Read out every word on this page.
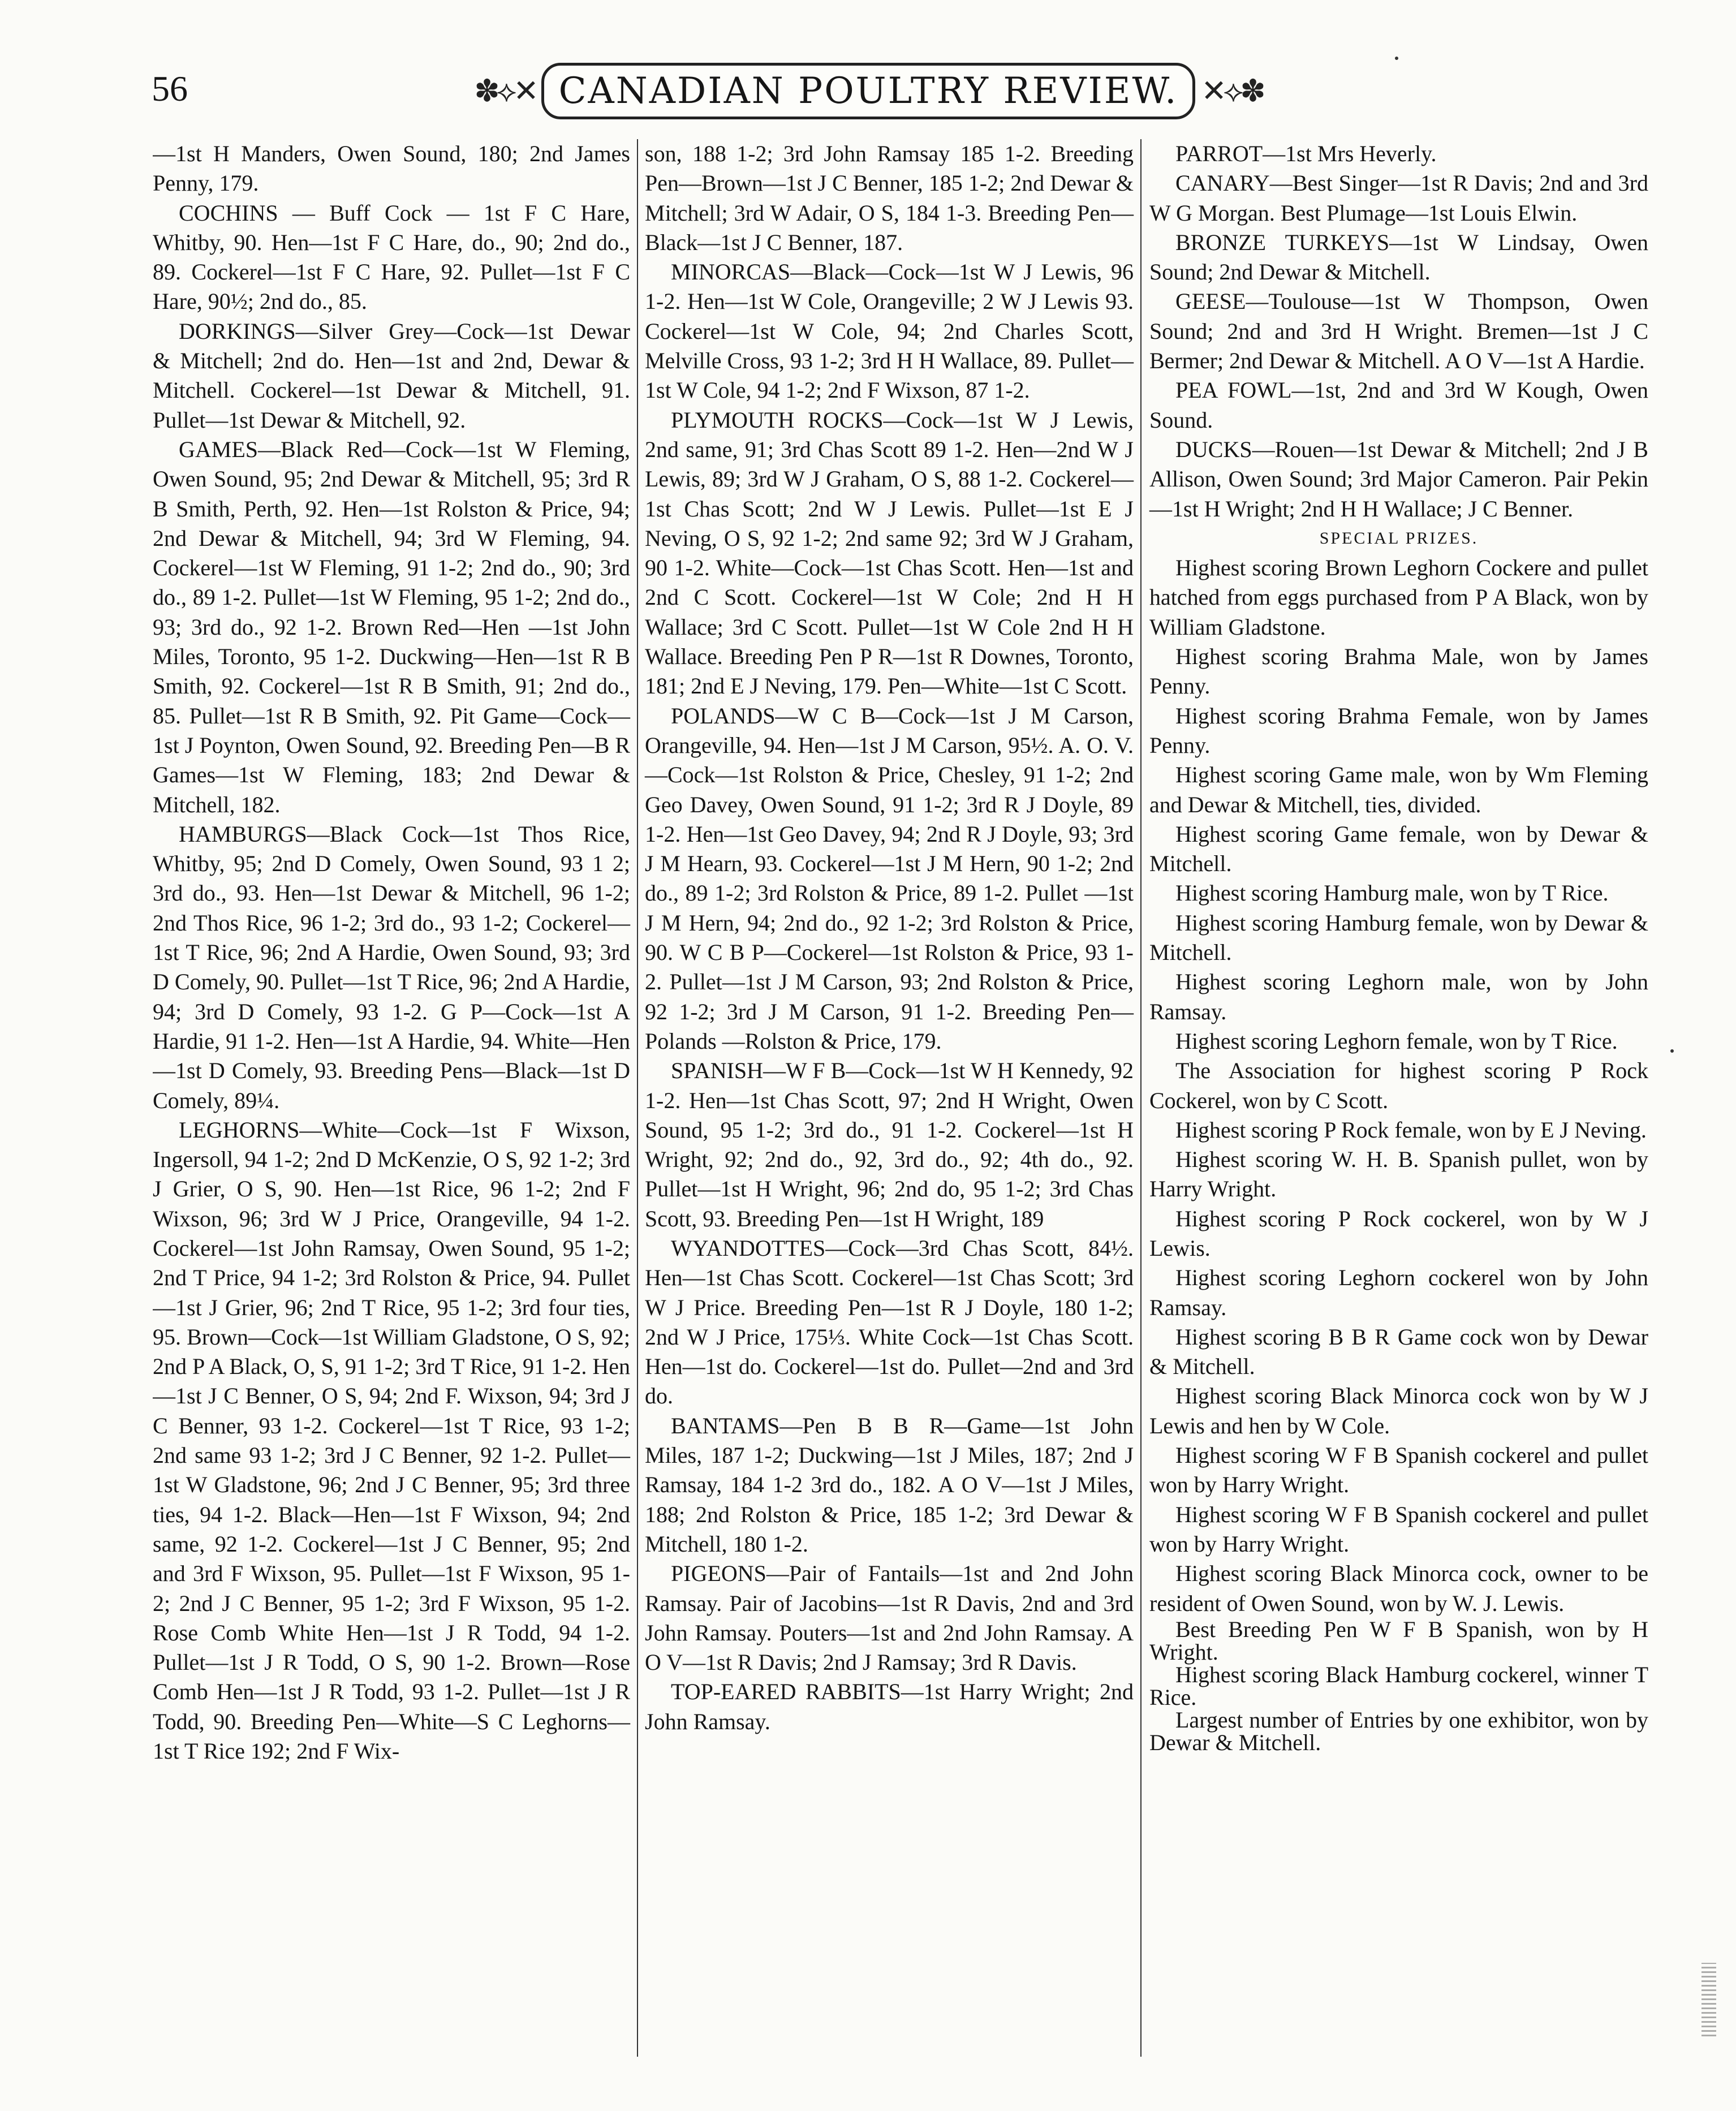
56	✽⟡✕ CANADIAN POULTRY REVIEW. ✕⟡✽

—1st H Manders, Owen Sound, 180; 2nd James Penny, 179.

COCHINS — Buff Cock — 1st F C Hare, Whitby, 90. Hen—1st F C Hare, do., 90; 2nd do., 89. Cockerel—1st F C Hare, 92. Pullet—1st F C Hare, 90½; 2nd do., 85.

DORKINGS—Silver Grey—Cock—1st Dewar & Mitchell; 2nd do. Hen—1st and 2nd, Dewar & Mitchell. Cockerel—1st Dewar & Mitchell, 91. Pullet—1st Dewar & Mitchell, 92.

GAMES—Black Red—Cock—1st W Fleming, Owen Sound, 95; 2nd Dewar & Mitchell, 95; 3rd R B Smith, Perth, 92. Hen—1st Rolston & Price, 94; 2nd Dewar & Mitchell, 94; 3rd W Fleming, 94. Cockerel—1st W Fleming, 91 1-2; 2nd do., 90; 3rd do., 89 1-2. Pullet—1st W Fleming, 95 1-2; 2nd do., 93; 3rd do., 92 1-2. Brown Red—Hen —1st John Miles, Toronto, 95 1-2. Duckwing—Hen—1st R B Smith, 92. Cockerel—1st R B Smith, 91; 2nd do., 85. Pullet—1st R B Smith, 92. Pit Game—Cock—1st J Poynton, Owen Sound, 92. Breeding Pen—B R Games—1st W Fleming, 183; 2nd Dewar & Mitchell, 182.

HAMBURGS—Black Cock—1st Thos Rice, Whitby, 95; 2nd D Comely, Owen Sound, 93 1 2; 3rd do., 93. Hen—1st Dewar & Mitchell, 96 1-2; 2nd Thos Rice, 96 1-2; 3rd do., 93 1-2; Cockerel—1st T Rice, 96; 2nd A Hardie, Owen Sound, 93; 3rd D Comely, 90. Pullet—1st T Rice, 96; 2nd A Hardie, 94; 3rd D Comely, 93 1-2. G P—Cock—1st A Hardie, 91 1-2. Hen—1st A Hardie, 94. White—Hen—1st D Comely, 93. Breeding Pens—Black—1st D Comely, 89¼.

LEGHORNS—White—Cock—1st F Wixson, Ingersoll, 94 1-2; 2nd D McKenzie, O S, 92 1-2; 3rd J Grier, O S, 90. Hen—1st Rice, 96 1-2; 2nd F Wixson, 96; 3rd W J Price, Orangeville, 94 1-2. Cockerel—1st John Ramsay, Owen Sound, 95 1-2; 2nd T Price, 94 1-2; 3rd Rolston & Price, 94. Pullet—1st J Grier, 96; 2nd T Rice, 95 1-2; 3rd four ties, 95. Brown—Cock—1st William Gladstone, O S, 92; 2nd P A Black, O, S, 91 1-2; 3rd T Rice, 91 1-2. Hen—1st J C Benner, O S, 94; 2nd F. Wixson, 94; 3rd J C Benner, 93 1-2. Cockerel—1st T Rice, 93 1-2; 2nd same 93 1-2; 3rd J C Benner, 92 1-2. Pullet—1st W Gladstone, 96; 2nd J C Benner, 95; 3rd three ties, 94 1-2. Black—Hen—1st F Wixson, 94; 2nd same, 92 1-2. Cockerel—1st J C Benner, 95; 2nd and 3rd F Wixson, 95. Pullet—1st F Wixson, 95 1-2; 2nd J C Benner, 95 1-2; 3rd F Wixson, 95 1-2. Rose Comb White Hen—1st J R Todd, 94 1-2. Pullet—1st J R Todd, O S, 90 1-2. Brown—Rose Comb Hen—1st J R Todd, 93 1-2. Pullet—1st J R Todd, 90. Breeding Pen—White—S C Leghorns—1st T Rice 192; 2nd F Wix-

son, 188 1-2; 3rd John Ramsay 185 1-2. Breeding Pen—Brown—1st J C Benner, 185 1-2; 2nd Dewar & Mitchell; 3rd W Adair, O S, 184 1-3. Breeding Pen—Black—1st J C Benner, 187.

MINORCAS—Black—Cock—1st W J Lewis, 96 1-2. Hen—1st W Cole, Orangeville; 2 W J Lewis 93. Cockerel—1st W Cole, 94; 2nd Charles Scott, Melville Cross, 93 1-2; 3rd H H Wallace, 89. Pullet—1st W Cole, 94 1-2; 2nd F Wixson, 87 1-2.

PLYMOUTH ROCKS—Cock—1st W J Lewis, 2nd same, 91; 3rd Chas Scott 89 1-2. Hen—2nd W J Lewis, 89; 3rd W J Graham, O S, 88 1-2. Cockerel—1st Chas Scott; 2nd W J Lewis. Pullet—1st E J Neving, O S, 92 1-2; 2nd same 92; 3rd W J Graham, 90 1-2. White—Cock—1st Chas Scott. Hen—1st and 2nd C Scott. Cockerel—1st W Cole; 2nd H H Wallace; 3rd C Scott. Pullet—1st W Cole 2nd H H Wallace. Breeding Pen P R—1st R Downes, Toronto, 181; 2nd E J Neving, 179. Pen—White—1st C Scott.

POLANDS—W C B—Cock—1st J M Carson, Orangeville, 94. Hen—1st J M Carson, 95½. A. O. V.—Cock—1st Rolston & Price, Chesley, 91 1-2; 2nd Geo Davey, Owen Sound, 91 1-2; 3rd R J Doyle, 89 1-2. Hen—1st Geo Davey, 94; 2nd R J Doyle, 93; 3rd J M Hearn, 93. Cockerel—1st J M Hern, 90 1-2; 2nd do., 89 1-2; 3rd Rolston & Price, 89 1-2. Pullet —1st J M Hern, 94; 2nd do., 92 1-2; 3rd Rolston & Price, 90. W C B P—Cockerel—1st Rolston & Price, 93 1-2. Pullet—1st J M Carson, 93; 2nd Rolston & Price, 92 1-2; 3rd J M Carson, 91 1-2. Breeding Pen—Polands —Rolston & Price, 179.

SPANISH—W F B—Cock—1st W H Kennedy, 92 1-2. Hen—1st Chas Scott, 97; 2nd H Wright, Owen Sound, 95 1-2; 3rd do., 91 1-2. Cockerel—1st H Wright, 92; 2nd do., 92, 3rd do., 92; 4th do., 92. Pullet—1st H Wright, 96; 2nd do, 95 1-2; 3rd Chas Scott, 93. Breeding Pen—1st H Wright, 189

WYANDOTTES—Cock—3rd Chas Scott, 84½. Hen—1st Chas Scott. Cockerel—1st Chas Scott; 3rd W J Price. Breeding Pen—1st R J Doyle, 180 1-2; 2nd W J Price, 175⅓. White Cock—1st Chas Scott. Hen—1st do. Cockerel—1st do. Pullet—2nd and 3rd do.

BANTAMS—Pen B B R—Game—1st John Miles, 187 1-2; Duckwing—1st J Miles, 187; 2nd J Ramsay, 184 1-2 3rd do., 182. A O V—1st J Miles, 188; 2nd Rolston & Price, 185 1-2; 3rd Dewar & Mitchell, 180 1-2.

PIGEONS—Pair of Fantails—1st and 2nd John Ramsay. Pair of Jacobins—1st R Davis, 2nd and 3rd John Ramsay. Pouters—1st and 2nd John Ramsay. A O V—1st R Davis; 2nd J Ramsay; 3rd R Davis.

TOP-EARED RABBITS—1st Harry Wright; 2nd John Ramsay.

PARROT—1st Mrs Heverly.

CANARY—Best Singer—1st R Davis; 2nd and 3rd W G Morgan. Best Plumage—1st Louis Elwin.

BRONZE TURKEYS—1st W Lindsay, Owen Sound; 2nd Dewar & Mitchell.

GEESE—Toulouse—1st W Thompson, Owen Sound; 2nd and 3rd H Wright. Bremen—1st J C Bermer; 2nd Dewar & Mitchell. A O V—1st A Hardie.

PEA FOWL—1st, 2nd and 3rd W Kough, Owen Sound.

DUCKS—Rouen—1st Dewar & Mitchell; 2nd J B Allison, Owen Sound; 3rd Major Cameron. Pair Pekin—1st H Wright; 2nd H H Wallace; J C Benner.

SPECIAL PRIZES.

Highest scoring Brown Leghorn Cockere and pullet hatched from eggs purchased from P A Black, won by William Gladstone.

Highest scoring Brahma Male, won by James Penny.

Highest scoring Brahma Female, won by James Penny.

Highest scoring Game male, won by Wm Fleming and Dewar & Mitchell, ties, divided.

Highest scoring Game female, won by Dewar & Mitchell.

Highest scoring Hamburg male, won by T Rice.

Highest scoring Hamburg female, won by Dewar & Mitchell.

Highest scoring Leghorn male, won by John Ramsay.

Highest scoring Leghorn female, won by T Rice.

The Association for highest scoring P Rock Cockerel, won by C Scott.

Highest scoring P Rock female, won by E J Neving.

Highest scoring W. H. B. Spanish pullet, won by Harry Wright.

Highest scoring P Rock cockerel, won by W J Lewis.

Highest scoring Leghorn cockerel won by John Ramsay.

Highest scoring B B R Game cock won by Dewar & Mitchell.

Highest scoring Black Minorca cock won by W J Lewis and hen by W Cole.

Highest scoring W F B Spanish cockerel and pullet won by Harry Wright.

Highest scoring W F B Spanish cockerel and pullet won by Harry Wright.

Highest scoring Black Minorca cock, owner to be resident of Owen Sound, won by W. J. Lewis.

Best Breeding Pen W F B Spanish, won by H Wright.

Highest scoring Black Hamburg cockerel, winner T Rice.

Largest number of Entries by one exhibitor, won by Dewar & Mitchell.
